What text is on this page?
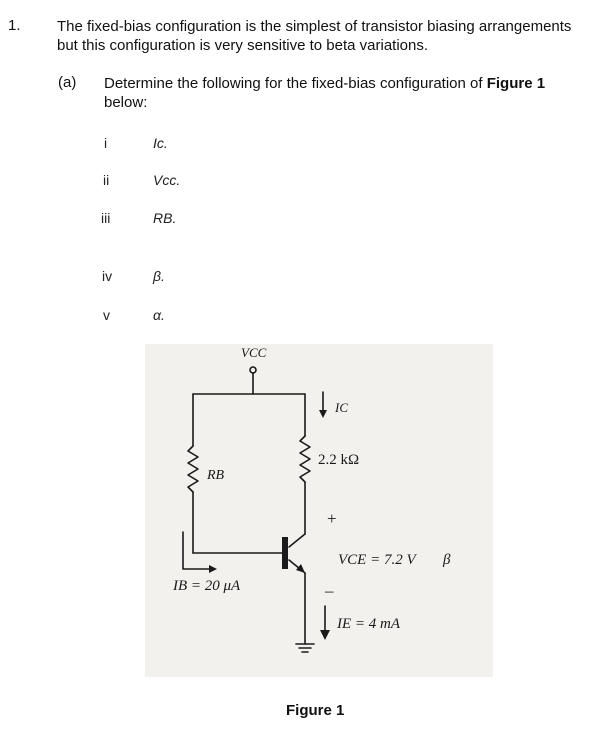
1. The fixed-bias configuration is the simplest of transistor biasing arrangements but this configuration is very sensitive to beta variations.
(a) Determine the following for the fixed-bias configuration of Figure 1 below:
i	Ic.
ii	Vcc.
iii	RB.
iv	β.
v	α.
VCC
IC
2.2 kΩ
RB
+
–
VCE = 7.2 V β
IB = 20 μA
IE = 4 mA
Figure 1
